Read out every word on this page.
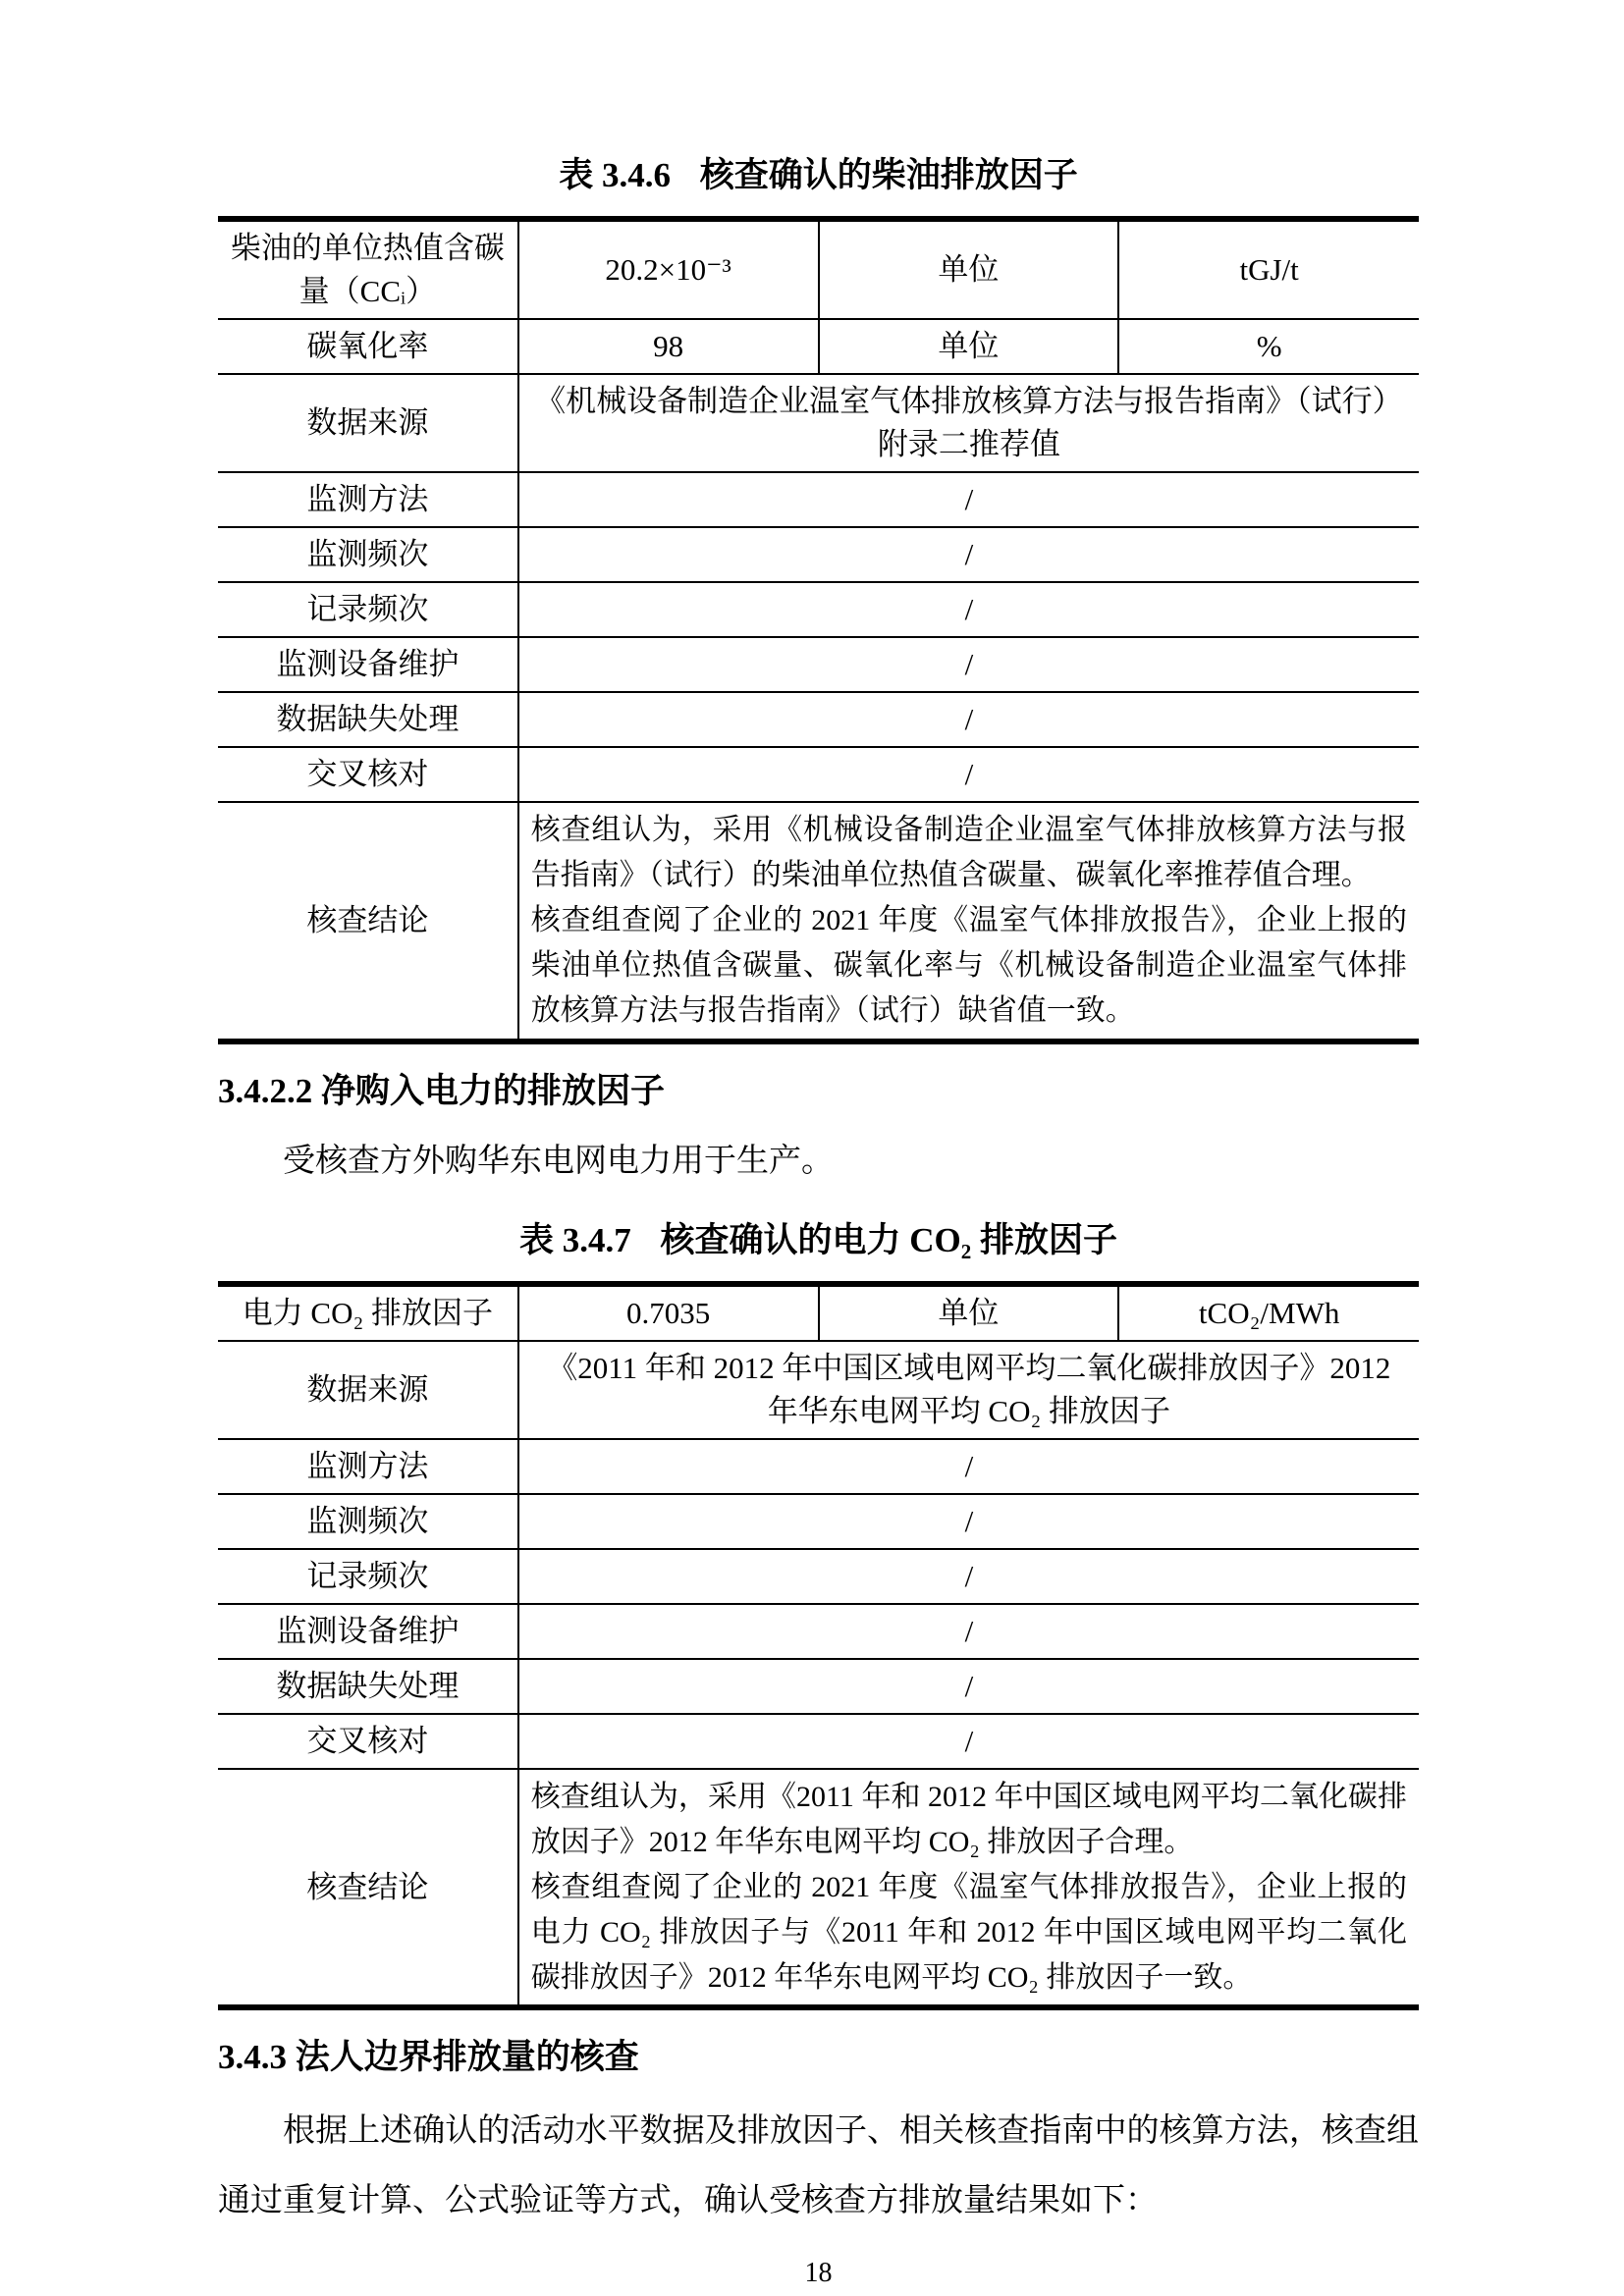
表 3.4.6 核查确认的柴油排放因子
柴油的单位热值含碳量（CCᵢ）	20.2×10⁻³	单位	tGJ/t
碳氧化率	98	单位	%
数据来源	《机械设备制造企业温室气体排放核算方法与报告指南》（试行）附录二推荐值		
监测方法	/		
监测频次	/		
记录频次	/		
监测设备维护	/		
数据缺失处理	/		
交叉核对	/		
核查结论	核查组认为，采用《机械设备制造企业温室气体排放核算方法与报告指南》（试行）的柴油单位热值含碳量、碳氧化率推荐值合理。
核查组查阅了企业的 2021 年度《温室气体排放报告》，企业上报的柴油单位热值含碳量、碳氧化率与《机械设备制造企业温室气体排放核算方法与报告指南》（试行）缺省值一致。		
3.4.2.2 净购入电力的排放因子
受核查方外购华东电网电力用于生产。
表 3.4.7 核查确认的电力 CO₂ 排放因子
电力 CO₂ 排放因子	0.7035	单位	tCO₂/MWh
数据来源	《2011 年和 2012 年中国区域电网平均二氧化碳排放因子》2012 年华东电网平均 CO₂ 排放因子		
监测方法	/		
监测频次	/		
记录频次	/		
监测设备维护	/		
数据缺失处理	/		
交叉核对	/		
核查结论	核查组认为，采用《2011 年和 2012 年中国区域电网平均二氧化碳排放因子》2012 年华东电网平均 CO₂ 排放因子合理。
核查组查阅了企业的 2021 年度《温室气体排放报告》，企业上报的电力 CO₂ 排放因子与《2011 年和 2012 年中国区域电网平均二氧化碳排放因子》2012 年华东电网平均 CO₂ 排放因子一致。		
3.4.3 法人边界排放量的核查
根据上述确认的活动水平数据及排放因子、相关核查指南中的核算方法，核查组通过重复计算、公式验证等方式，确认受核查方排放量结果如下：
18
